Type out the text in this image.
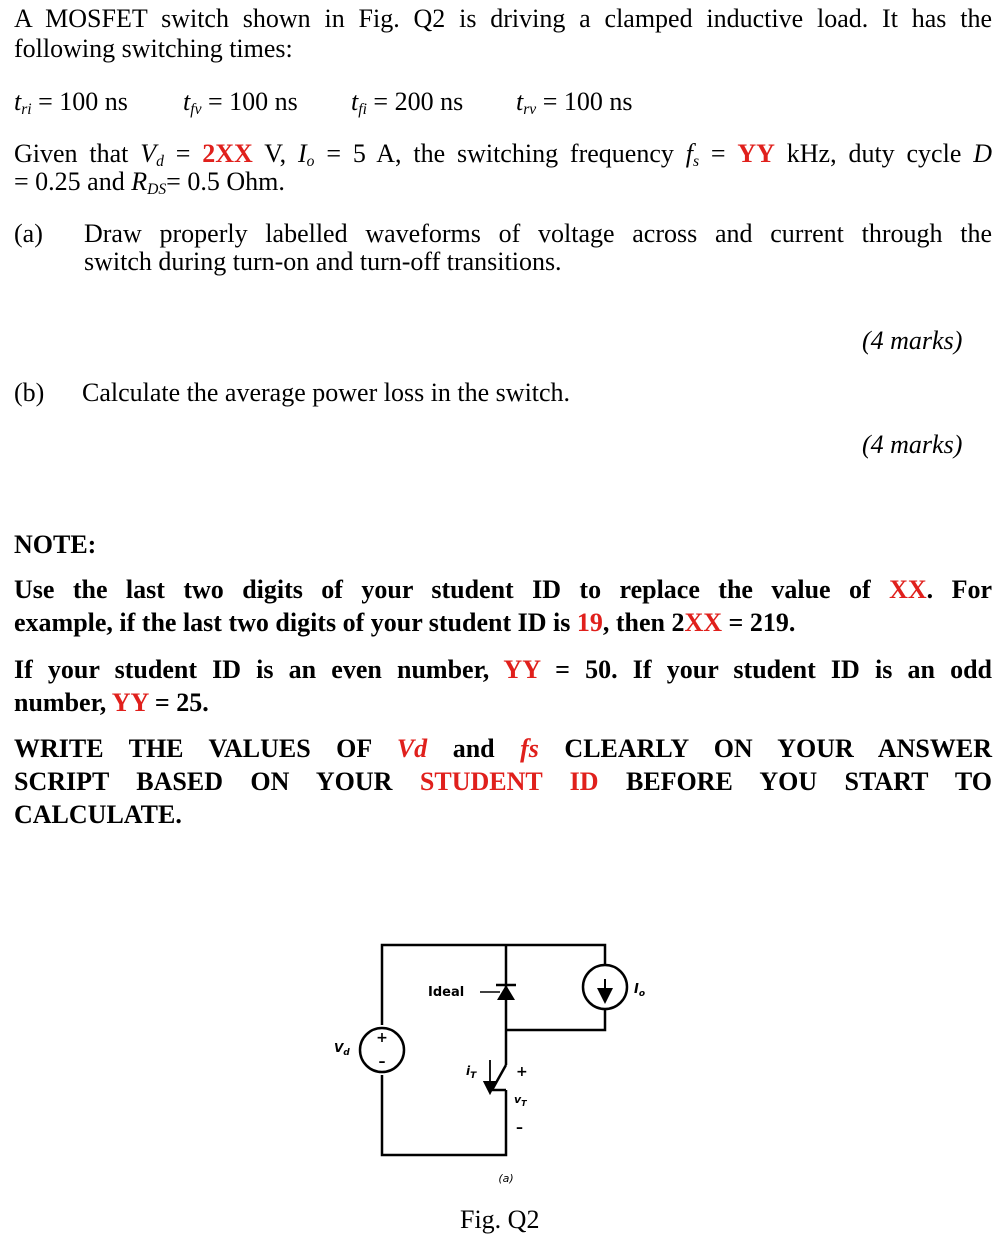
A MOSFET switch shown in Fig. Q2 is driving a clamped inductive load. It has the
following switching times:
$t_{ri} = 100$ ns $t_{fv} = 100$ ns $t_{fi} = 200$ ns $t_{rv} = 100$ ns
Given that $V_d = 2XX$ V, $I_o = 5$ A, the switching frequency $f_s$ = YY kHz, duty cycle D
= 0.25 and $R_{DS}= 0.5$ Ohm.
(a) Draw properly labelled waveforms of voltage across and current through the
switch during turn-on and turn-off transitions.
(4 marks)
(b) Calculate the average power loss in the switch.
(4 marks)
NOTE:
Use the last two digits of your student ID to replace the value of XX. For
example, if the last two digits of your student ID is 19, then 2XX = 219.
If your student ID is an even number, YY = 50. If your student ID is an odd
number, YY = 25.
WRITE THE VALUES OF Vd and fs CLEARLY ON YOUR ANSWER
SCRIPT BASED ON YOUR STUDENT ID BEFORE YOU START TO
CALCULATE.
+
–
$V_d$
Ideal	$I_o$
$i_T$	+
$v_T$
–
(a)
Fig. Q2
